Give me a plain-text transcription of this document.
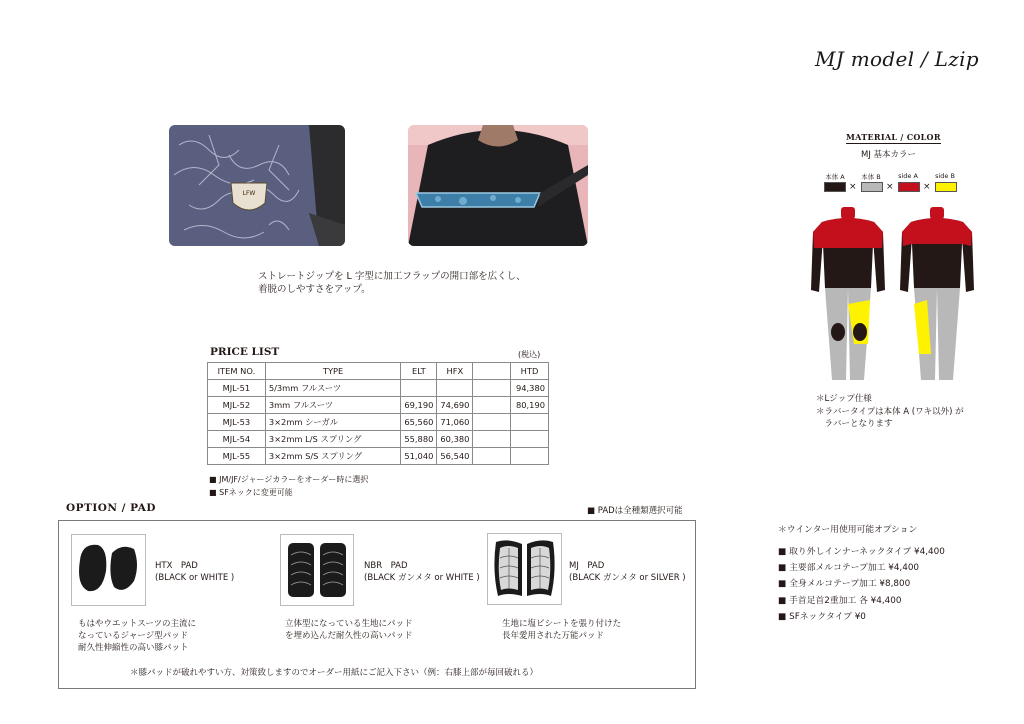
MJ model / Lzip
LFW
ストレートジップを L 字型に加工フラップの開口部を広くし、
着脱のしやすさをアップ。
PRICE LIST	(税込)
ITEM NO.	TYPE	ELT	HFX		HTD
MJL-51	5/3mm フルスーツ				94,380
MJL-52	3mm フルスーツ	69,190	74,690		80,190
MJL-53	3×2mm シーガル	65,560	71,060		
MJL-54	3×2mm L/S スプリング	55,880	60,380		
MJL-55	3×2mm S/S スプリング	51,040	56,540		
■ JM/JF/ジャージカラーをオーダー時に選択
■ SFネックに変更可能
OPTION / PAD	■ PADは全種類選択可能
HTX　PAD
(BLACK or WHITE )
もはやウエットスーツの主流に
なっているジャージ型パッド
耐久性伸縮性の高い膝パット
NBR　PAD
(BLACK ガンメタ or WHITE )
立体型になっている生地にパッド
を埋め込んだ耐久性の高いパッド
MJ　PAD
(BLACK ガンメタ or SILVER )
生地に塩ビシートを張り付けた
長年愛用された万能パッド
＊膝パッドが破れやすい方、対策致しますのでオーダー用紙にご記入下さい（例：右膝上部が毎回破れる）
MATERIAL / COLOR
MJ 基本カラー
本体 A	本体 B	side A	side B
×	×	×
＊Lジップ仕様
＊ラバータイプは本体 A (ワキ以外) が
　ラバーとなります
＊ウインター用使用可能オプション
■ 取り外しインナーネックタイプ ¥4,400
■ 主要部メルコテープ加工 ¥4,400
■ 全身メルコテープ加工 ¥8,800
■ 手首足首2重加工 各 ¥4,400
■ SFネックタイプ ¥0
